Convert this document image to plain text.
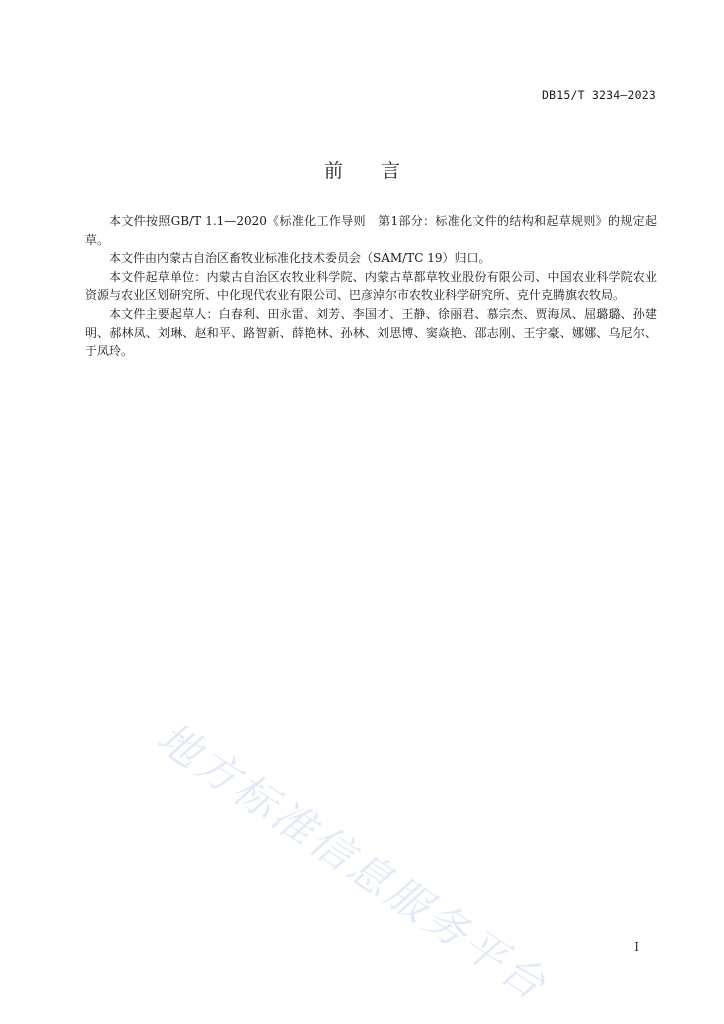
DB15/T 3234—2023
前言

本文件按照GB/T 1.1—2020《标准化工作导则　第1部分：标准化文件的结构和起草规则》的规定起草。

本文件由内蒙古自治区畜牧业标准化技术委员会（SAM/TC 19）归口。

本文件起草单位：内蒙古自治区农牧业科学院、内蒙古草都草牧业股份有限公司、中国农业科学院农业资源与农业区划研究所、中化现代农业有限公司、巴彦淖尔市农牧业科学研究所、克什克腾旗农牧局。

本文件主要起草人：白春利、田永雷、刘芳、李国才、王静、徐丽君、慕宗杰、贾海凤、屈璐璐、孙建明、郝林凤、刘琳、赵和平、路智新、薛艳林、孙林、刘思博、窦焱艳、邵志刚、王宇豪、娜娜、乌尼尔、于凤玲。

地方标准信息服务平台	I
